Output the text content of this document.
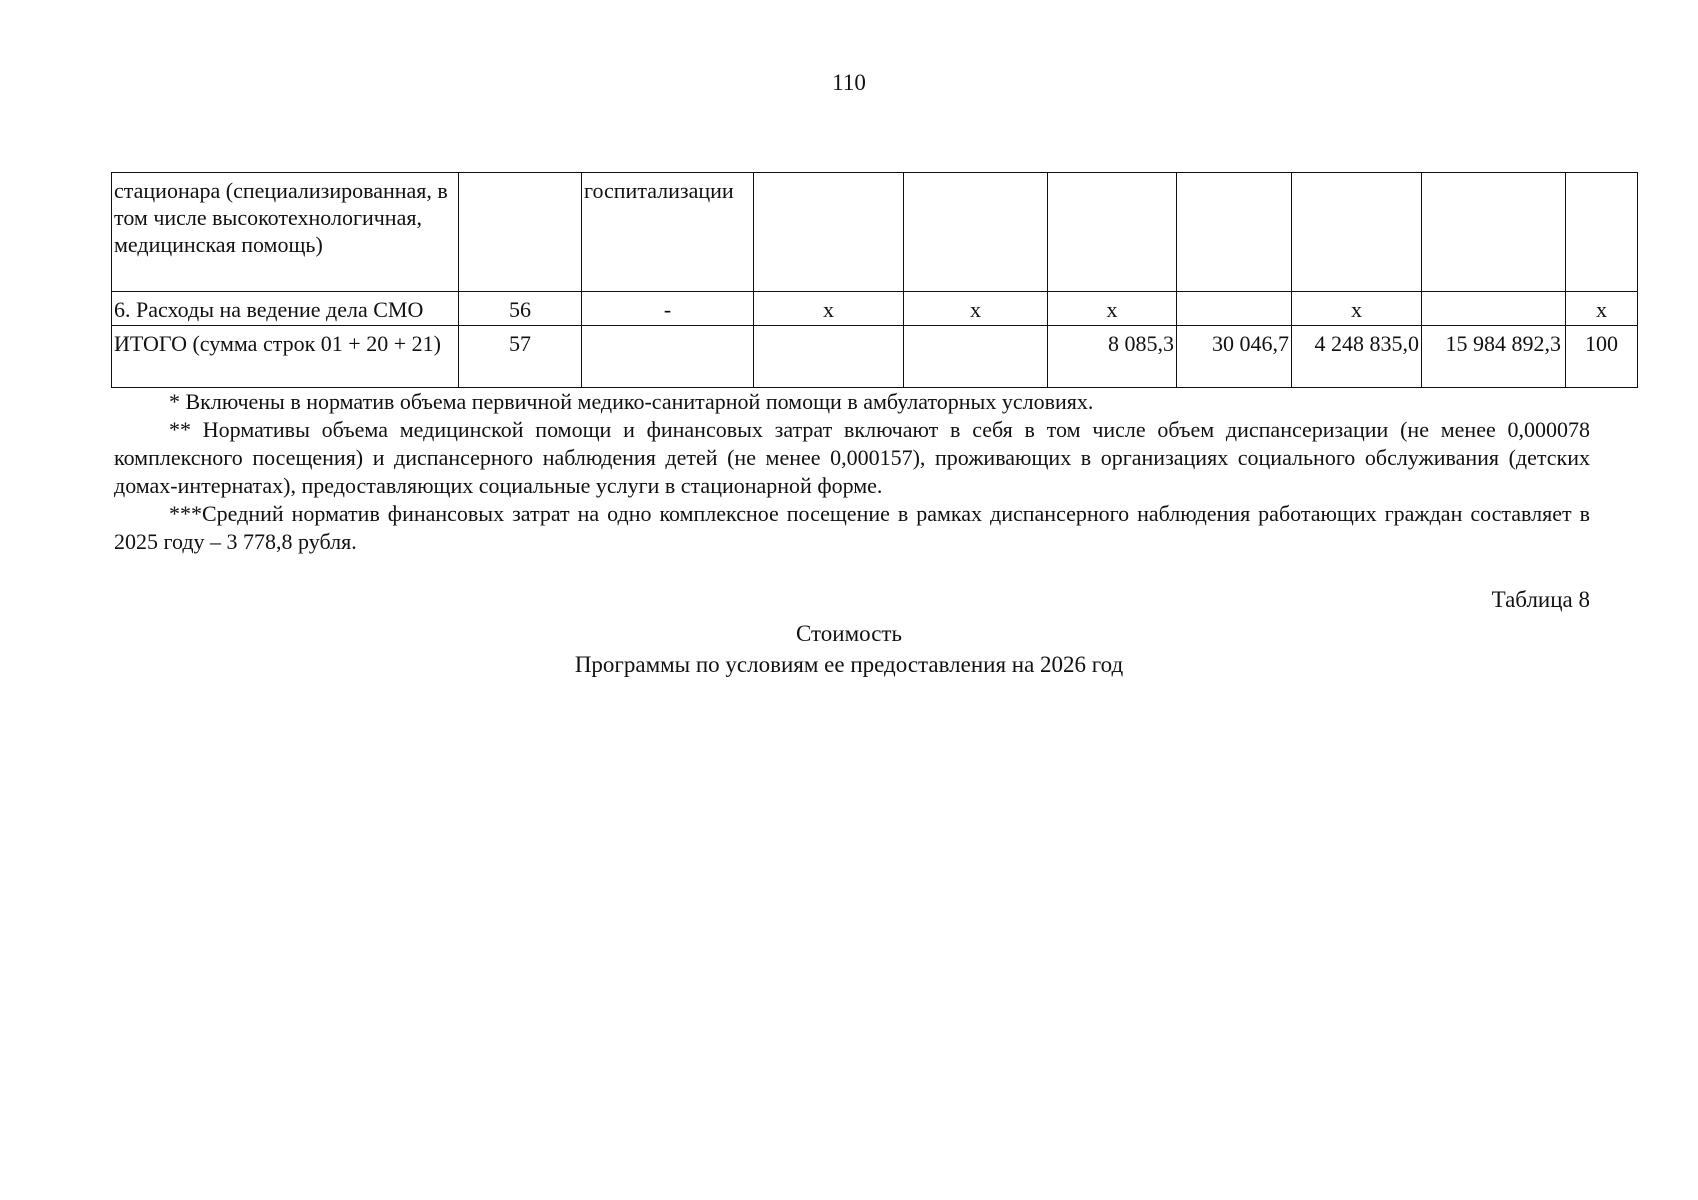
110
стационара (специализированная, в том числе высокотехнологичная, медицинская помощь)		госпитализации							
6. Расходы на ведение дела СМО	56	-	х	х	х		х		х
ИТОГО (сумма строк 01 + 20 + 21)	57				8 085,3	30 046,7	4 248 835,0	15 984 892,3	100

* Включены в норматив объема первичной медико-санитарной помощи в амбулаторных условиях.

** Нормативы объема медицинской помощи и финансовых затрат включают в себя в том числе объем диспансеризации (не менее 0,000078 комплексного посещения) и диспансерного наблюдения детей (не менее 0,000157), проживающих в организациях социального обслуживания (детских домах-интернатах), предоставляющих социальные услуги в стационарной форме.

***Средний норматив финансовых затрат на одно комплексное посещение в рамках диспансерного наблюдения работающих граждан составляет в 2025 году – 3 778,8 рубля.

Таблица 8
Стоимость
Программы по условиям ее предоставления на 2026 год
